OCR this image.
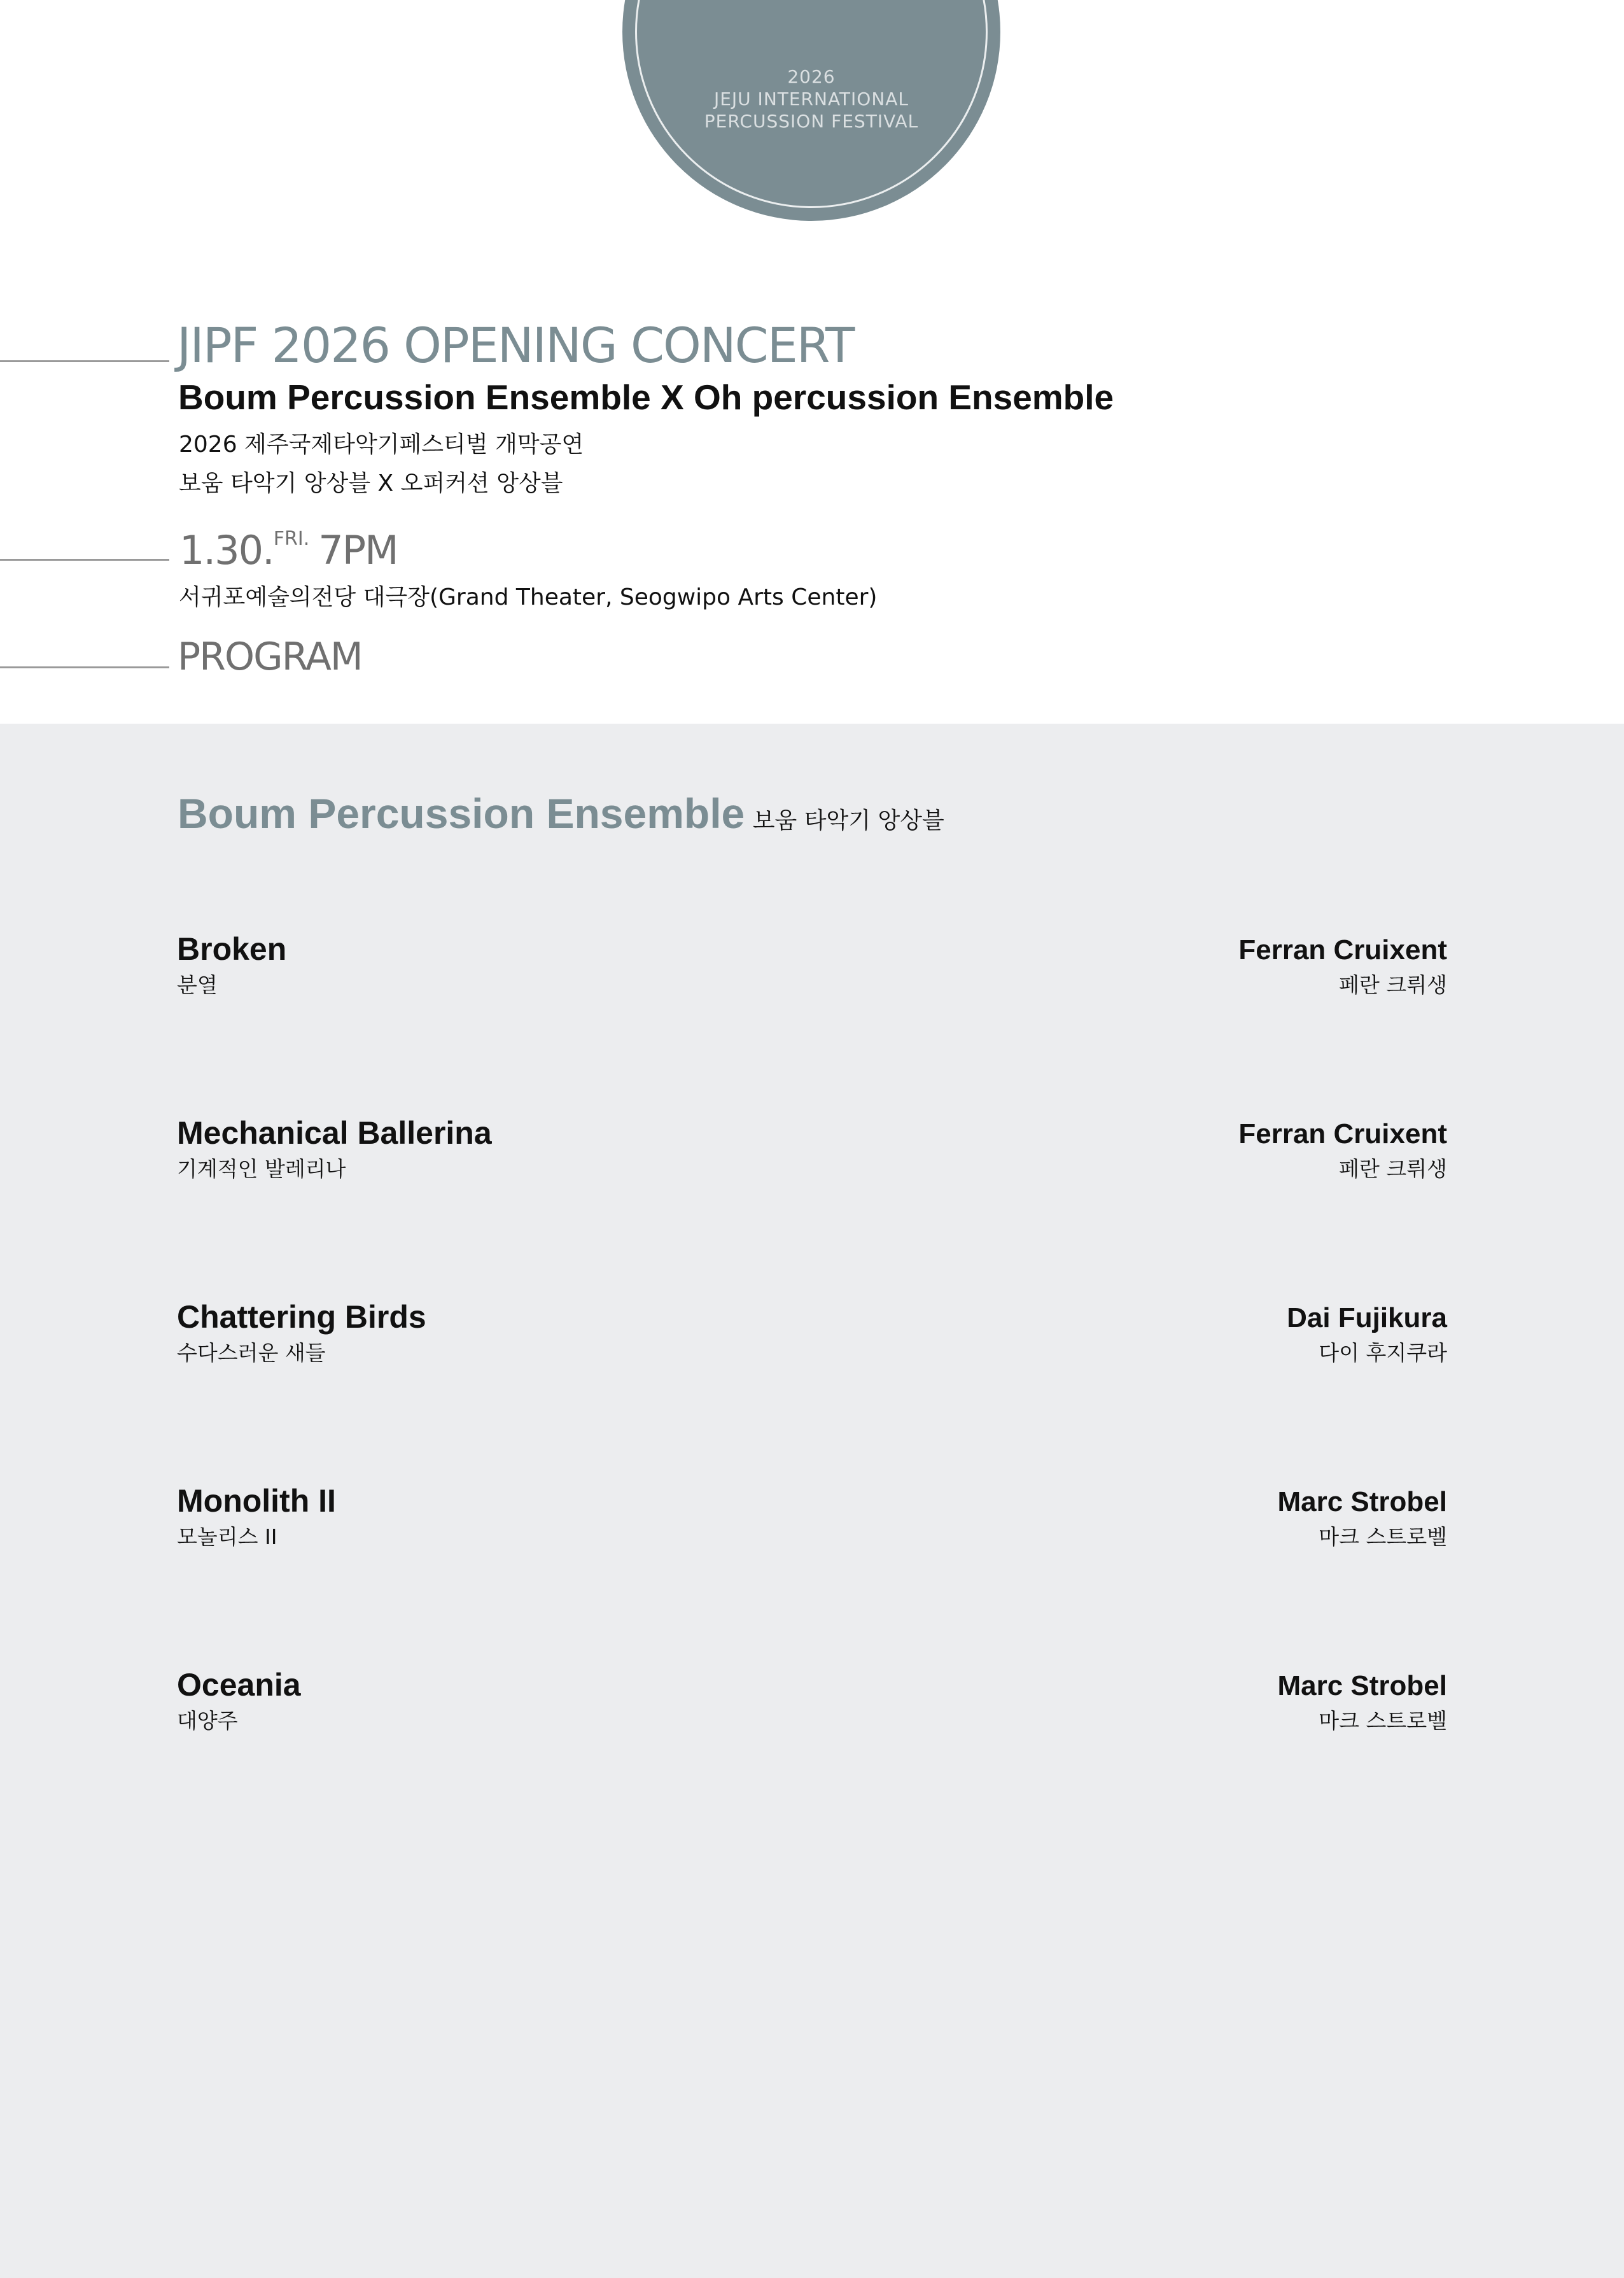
2026
JEJU INTERNATIONAL
PERCUSSION FESTIVAL
JIPF 2026 OPENING CONCERT
Boum Percussion Ensemble X Oh percussion Ensemble
2026 제주국제타악기페스티벌 개막공연
보움 타악기 앙상블 X 오퍼커션 앙상블
1.30.FRI. 7PM
서귀포예술의전당 대극장(Grand Theater, Seogwipo Arts Center)
PROGRAM
Boum Percussion Ensemble 보움 타악기 앙상블
Broken
분열
Ferran Cruixent
페란 크뤼생
Mechanical Ballerina
기계적인 발레리나
Ferran Cruixent
페란 크뤼생
Chattering Birds
수다스러운 새들
Dai Fujikura
다이 후지쿠라
Monolith II
모놀리스 II
Marc Strobel
마크 스트로벨
Oceania
대양주
Marc Strobel
마크 스트로벨
